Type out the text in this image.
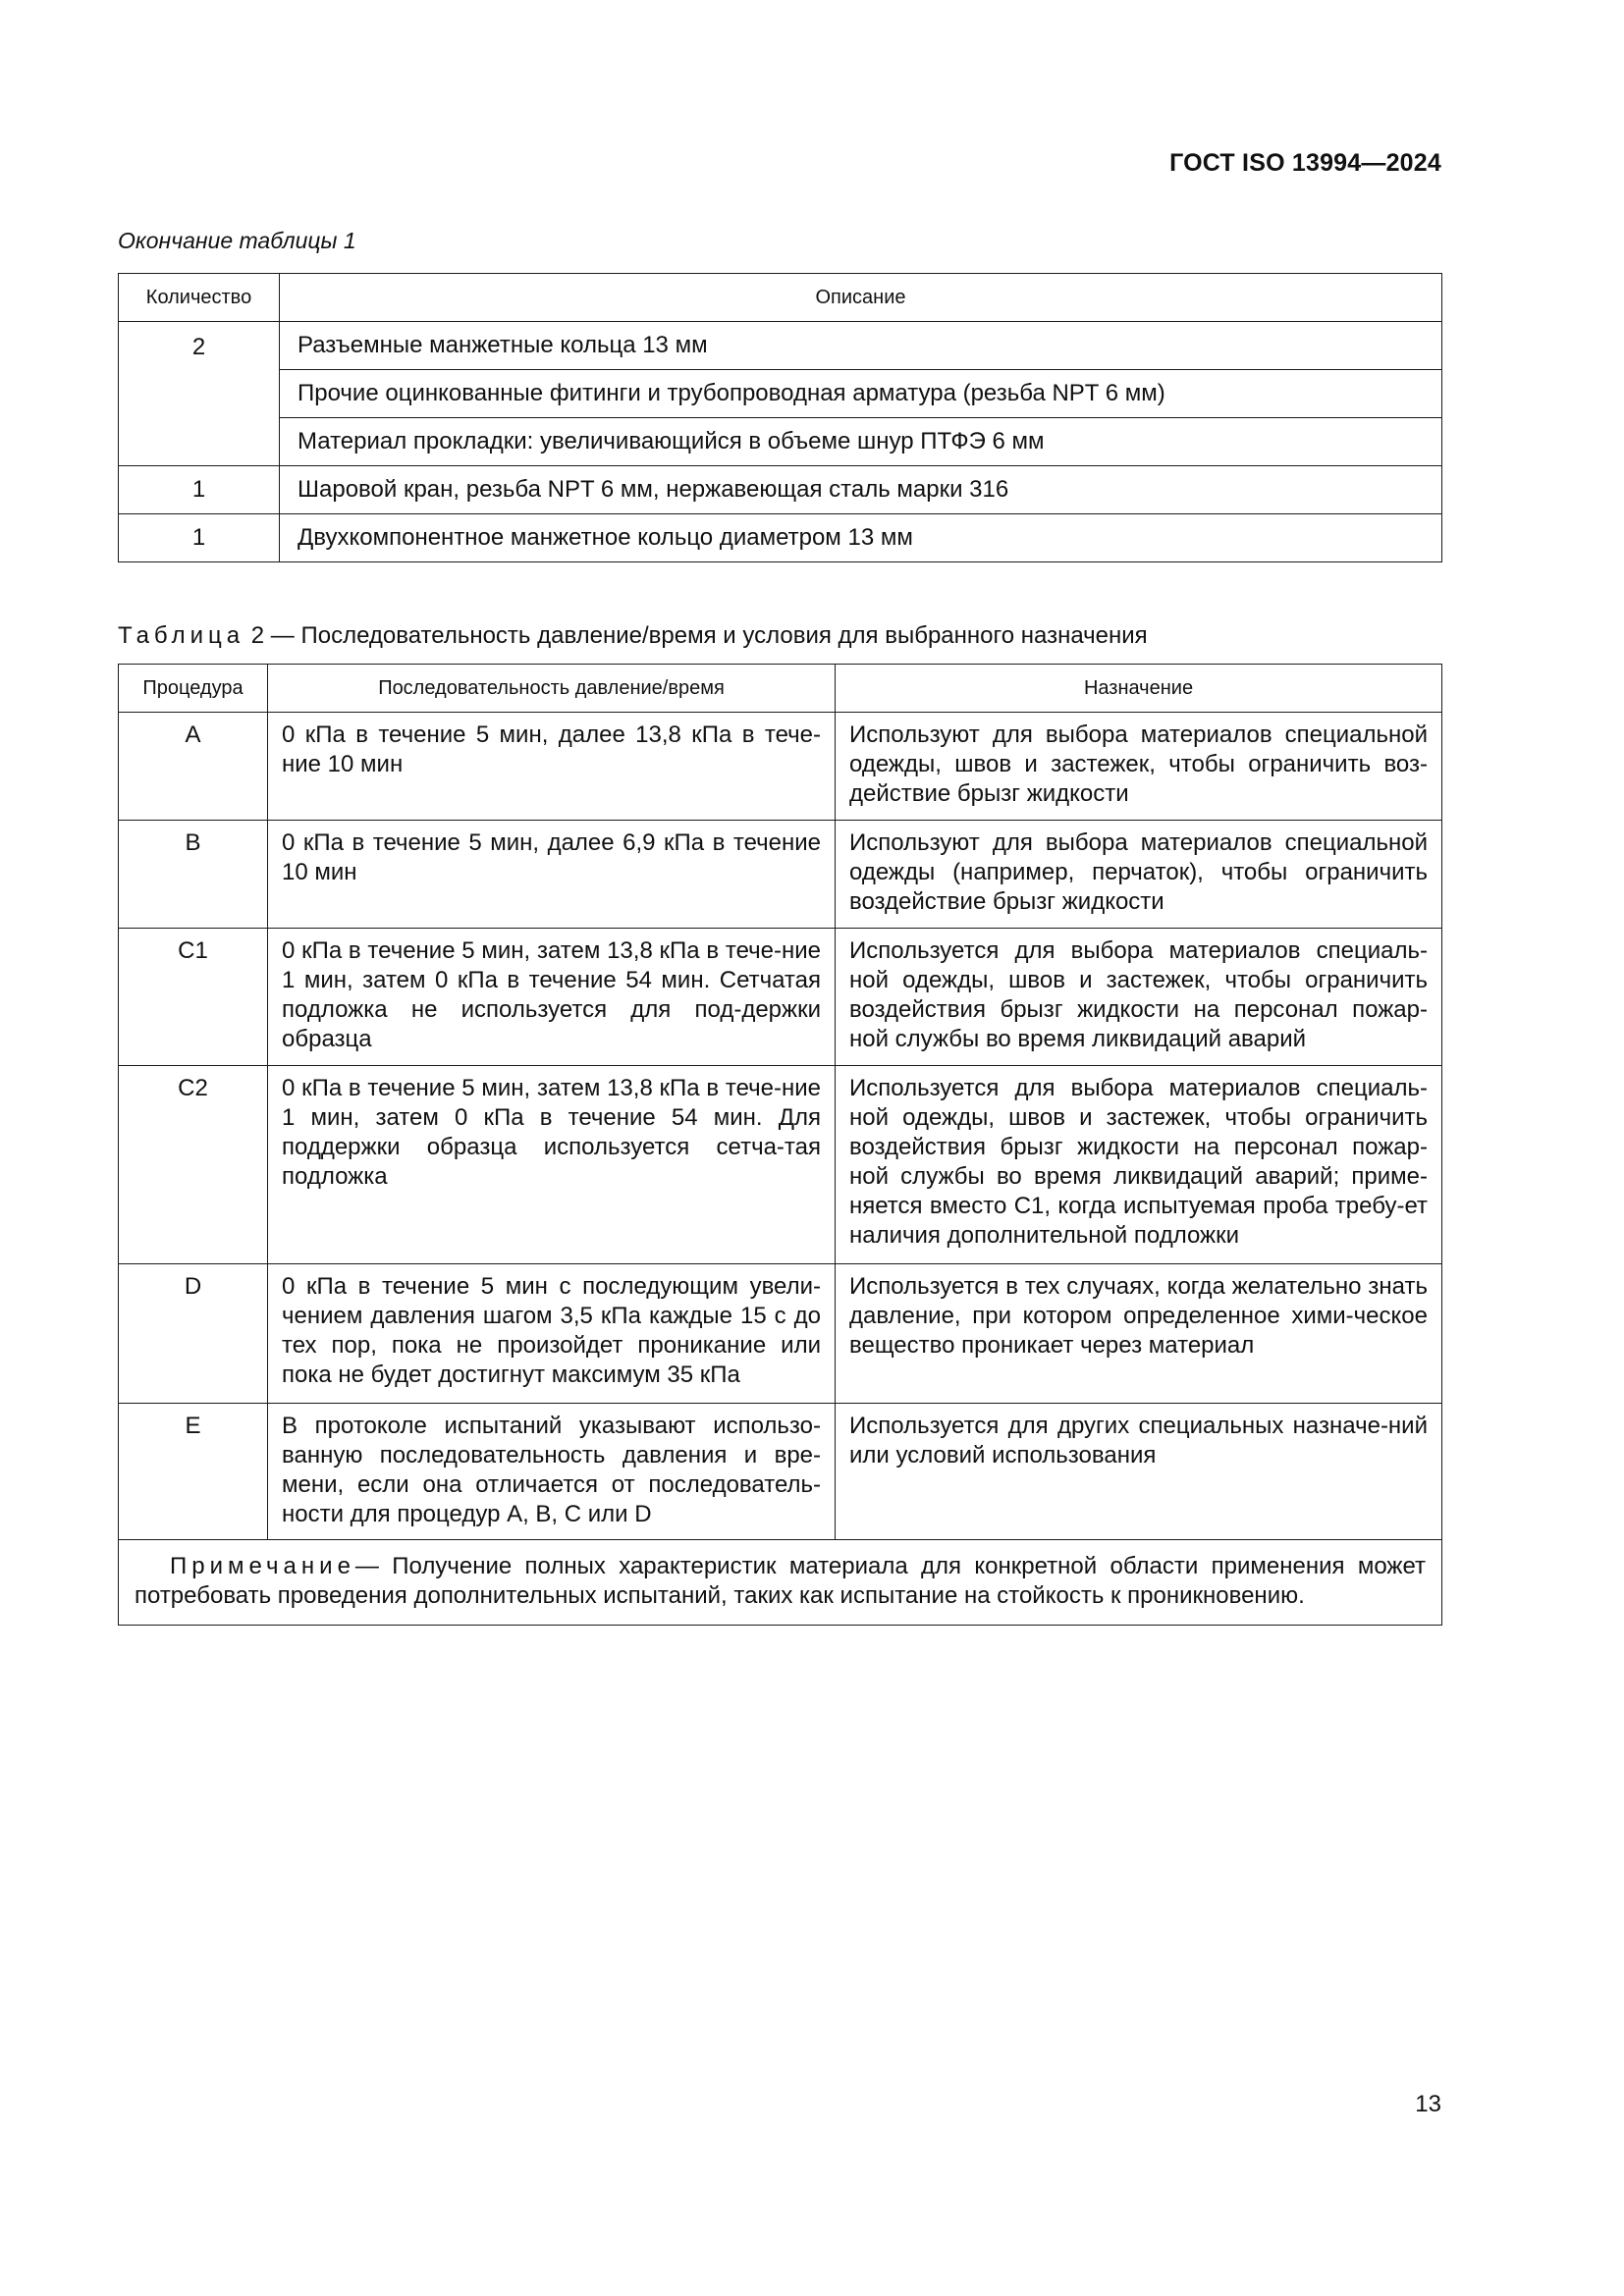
ГОСТ ISO 13994—2024
Окончание таблицы 1
Количество	Описание
2	Разъемные манжетные кольца 13 мм
	Прочие оцинкованные фитинги и трубопроводная арматура (резьба NPT 6 мм)
	Материал прокладки: увеличивающийся в объеме шнур ПТФЭ 6 мм
1	Шаровой кран, резьба NPT 6 мм, нержавеющая сталь марки 316
1	Двухкомпонентное манжетное кольцо диаметром 13 мм
Таблица 2 — Последовательность давление/время и условия для выбранного назначения
Процедура	Последовательность давление/время	Назначение
A	0 кПа в течение 5 мин, далее 13,8 кПа в тече-ние 10 мин	Используют для выбора материалов специальной одежды, швов и застежек, чтобы ограничить воз-действие брызг жидкости
B	0 кПа в течение 5 мин, далее 6,9 кПа в течение 10 мин	Используют для выбора материалов специальной одежды (например, перчаток), чтобы ограничить воздействие брызг жидкости
C1	0 кПа в течение 5 мин, затем 13,8 кПа в тече-ние 1 мин, затем 0 кПа в течение 54 мин. Сетчатая подложка не используется для под-держки образца	Используется для выбора материалов специаль-ной одежды, швов и застежек, чтобы ограничить воздействия брызг жидкости на персонал пожар-ной службы во время ликвидаций аварий
C2	0 кПа в течение 5 мин, затем 13,8 кПа в тече-ние 1 мин, затем 0 кПа в течение 54 мин. Для поддержки образца используется сетча-тая подложка	Используется для выбора материалов специаль-ной одежды, швов и застежек, чтобы ограничить воздействия брызг жидкости на персонал пожар-ной службы во время ликвидаций аварий; приме-няется вместо C1, когда испытуемая проба требу-ет наличия дополнительной подложки
D	0 кПа в течение 5 мин с последующим увели-чением давления шагом 3,5 кПа каждые 15 с до тех пор, пока не произойдет проникание или пока не будет достигнут максимум 35 кПа	Используется в тех случаях, когда желательно знать давление, при котором определенное хими-ческое вещество проникает через материал
E	В протоколе испытаний указывают использо-ванную последовательность давления и вре-мени, если она отличается от последователь-ности для процедур A, B, C или D	Используется для других специальных назначе-ний или условий использования
Примечание— Получение полных характеристик материала для конкретной области применения может потребовать проведения дополнительных испытаний, таких как испытание на стойкость к проникновению.		
13
